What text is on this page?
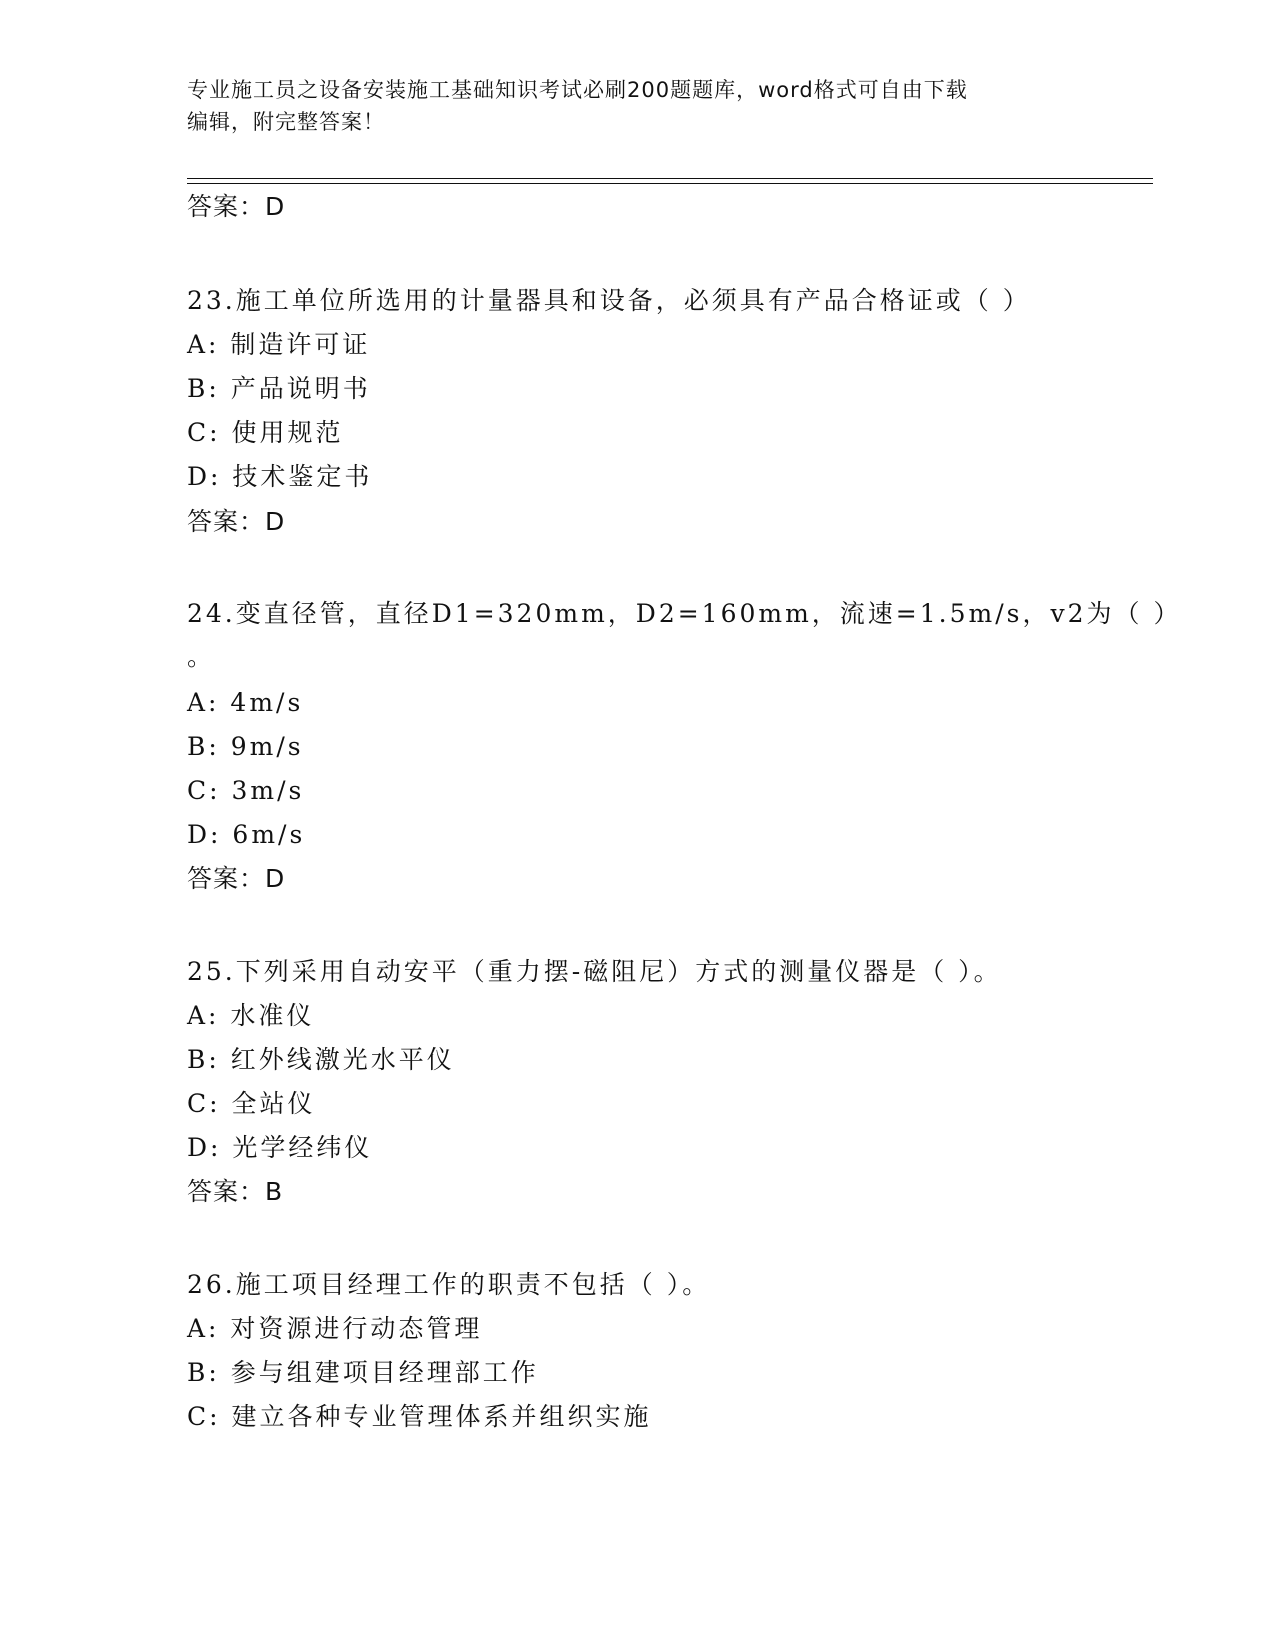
专业施工员之设备安装施工基础知识考试必刷200题题库，word格式可自由下载
编辑，附完整答案！
答案：D
23.施工单位所选用的计量器具和设备，必须具有产品合格证或（ ）
A: 制造许可证
B: 产品说明书
C: 使用规范
D: 技术鉴定书
答案：D
24.变直径管，直径D1=320mm，D2=160mm，流速=1.5m/s，v2为（ ）
。
A: 4m/s
B: 9m/s
C: 3m/s
D: 6m/s
答案：D
25.下列采用自动安平（重力摆-磁阻尼）方式的测量仪器是（ ）。
A: 水准仪
B: 红外线激光水平仪
C: 全站仪
D: 光学经纬仪
答案：B
26.施工项目经理工作的职责不包括（ ）。
A: 对资源进行动态管理
B: 参与组建项目经理部工作
C: 建立各种专业管理体系并组织实施
